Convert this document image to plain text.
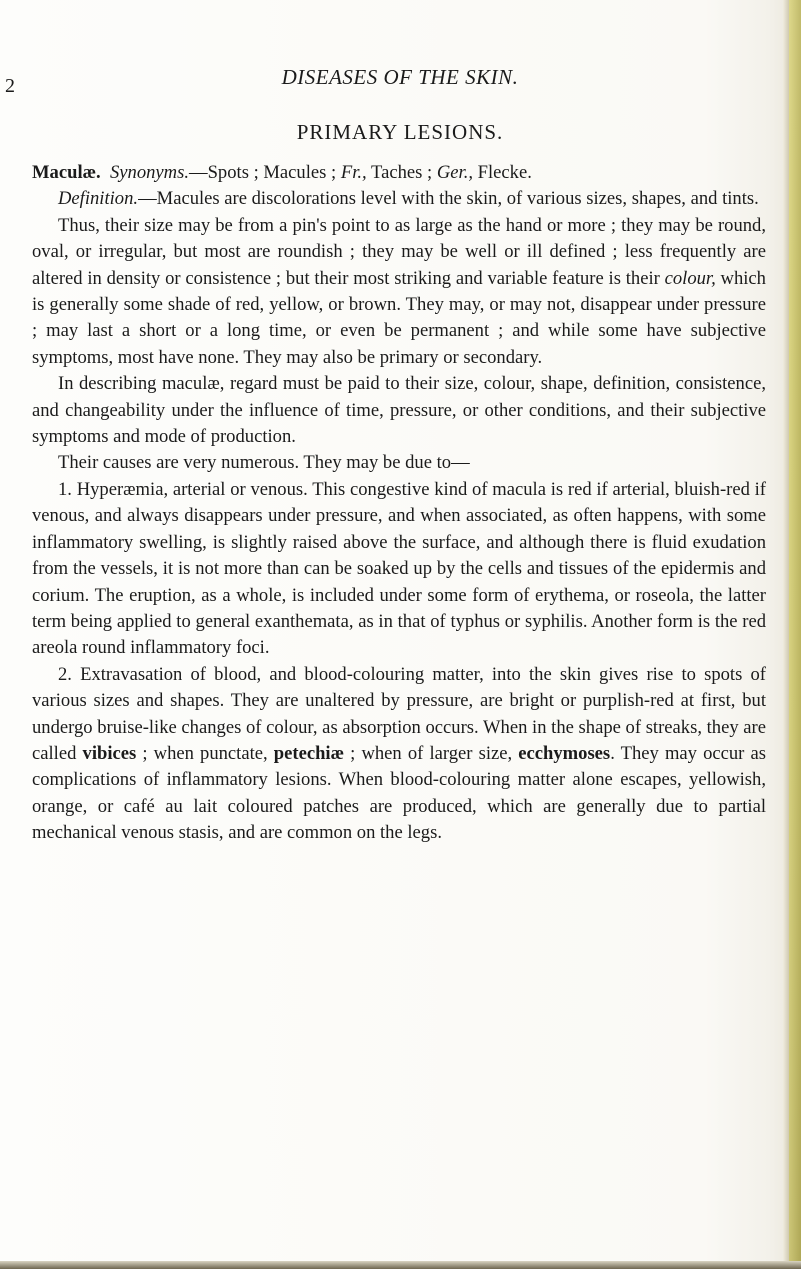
2	DISEASES OF THE SKIN.
PRIMARY LESIONS.

Maculæ. Synonyms.—Spots ; Macules ; Fr., Taches ; Ger., Flecke.

Definition.—Macules are discolorations level with the skin, of various sizes, shapes, and tints.

Thus, their size may be from a pin's point to as large as the hand or more ; they may be round, oval, or irregular, but most are roundish ; they may be well or ill defined ; less frequently are altered in density or consistence ; but their most striking and variable feature is their colour, which is generally some shade of red, yellow, or brown. They may, or may not, disappear under pressure ; may last a short or a long time, or even be permanent ; and while some have subjective symptoms, most have none. They may also be primary or secondary.

In describing maculæ, regard must be paid to their size, colour, shape, definition, consistence, and changeability under the influence of time, pressure, or other conditions, and their subjective symptoms and mode of production.

Their causes are very numerous. They may be due to—

1. Hyperæmia, arterial or venous. This congestive kind of macula is red if arterial, bluish-red if venous, and always disappears under pressure, and when associated, as often happens, with some inflammatory swelling, is slightly raised above the surface, and although there is fluid exudation from the vessels, it is not more than can be soaked up by the cells and tissues of the epidermis and corium. The eruption, as a whole, is included under some form of erythema, or roseola, the latter term being applied to general exanthemata, as in that of typhus or syphilis. Another form is the red areola round inflammatory foci.

2. Extravasation of blood, and blood-colouring matter, into the skin gives rise to spots of various sizes and shapes. They are unaltered by pressure, are bright or purplish-red at first, but undergo bruise-like changes of colour, as absorption occurs. When in the shape of streaks, they are called vibices ; when punctate, petechiæ ; when of larger size, ecchymoses. They may occur as complications of inflammatory lesions. When blood-colouring matter alone escapes, yellowish, orange, or café au lait coloured patches are produced, which are generally due to partial mechanical venous stasis, and are common on the legs.
